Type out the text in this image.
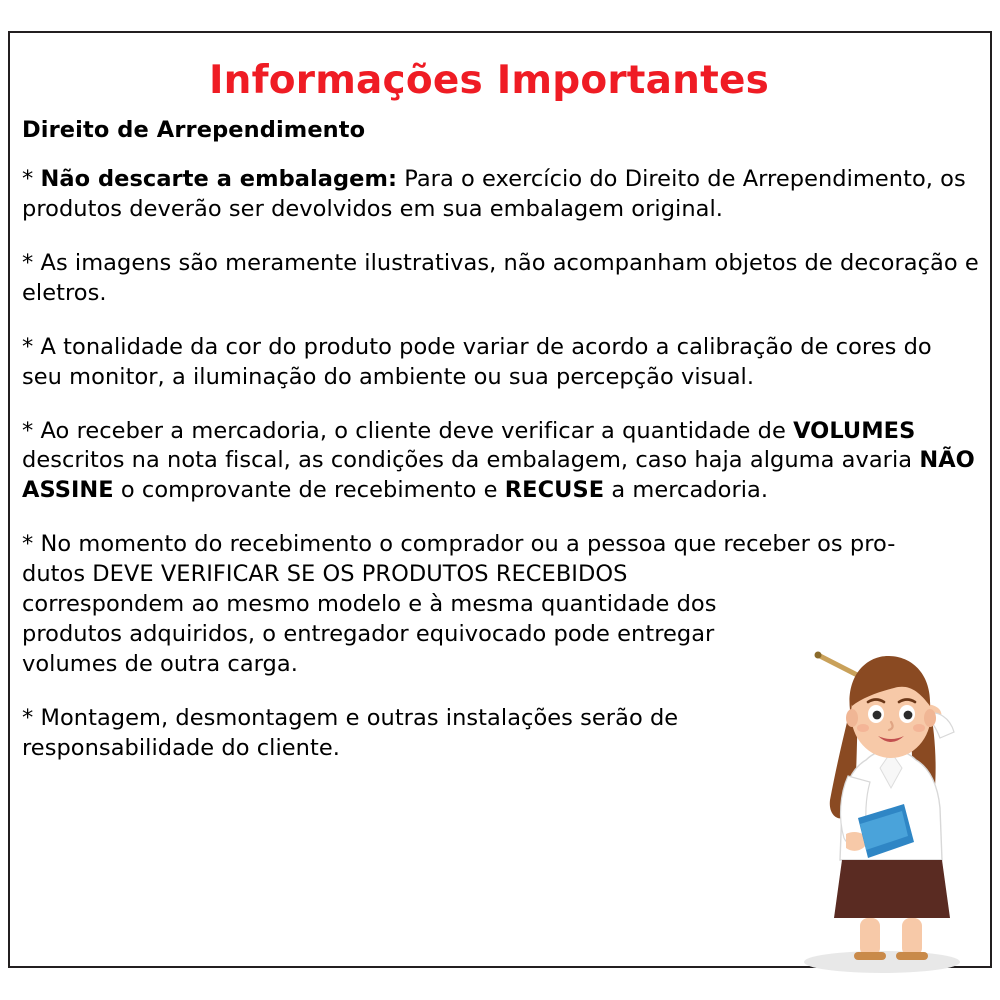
Informações Importantes
Direito de Arrependimento

* Não descarte a embalagem: Para o exercício do Direito de Arrependimento, os produtos deverão ser devolvidos em sua embalagem original.

* As imagens são meramente ilustrativas, não acompanham objetos de decoração e eletros.

* A tonalidade da cor do produto pode variar de acordo a calibração de cores do seu monitor, a iluminação do ambiente ou sua percepção visual.

* Ao receber a mercadoria, o cliente deve verificar a quantidade de VOLUMES descritos na nota fiscal, as condições da embalagem, caso haja alguma avaria NÃO ASSINE o comprovante de recebimento e RECUSE a mercadoria.

* No momento do recebimento o comprador ou a pessoa que receber os pro-
dutos DEVE VERIFICAR SE OS PRODUTOS RECEBIDOS correspondem ao mesmo modelo e à mesma quantidade dos produtos adquiridos, o entregador equivocado pode entregar volumes de outra carga.

* Montagem, desmontagem e outras instalações serão de responsabilidade do cliente.
